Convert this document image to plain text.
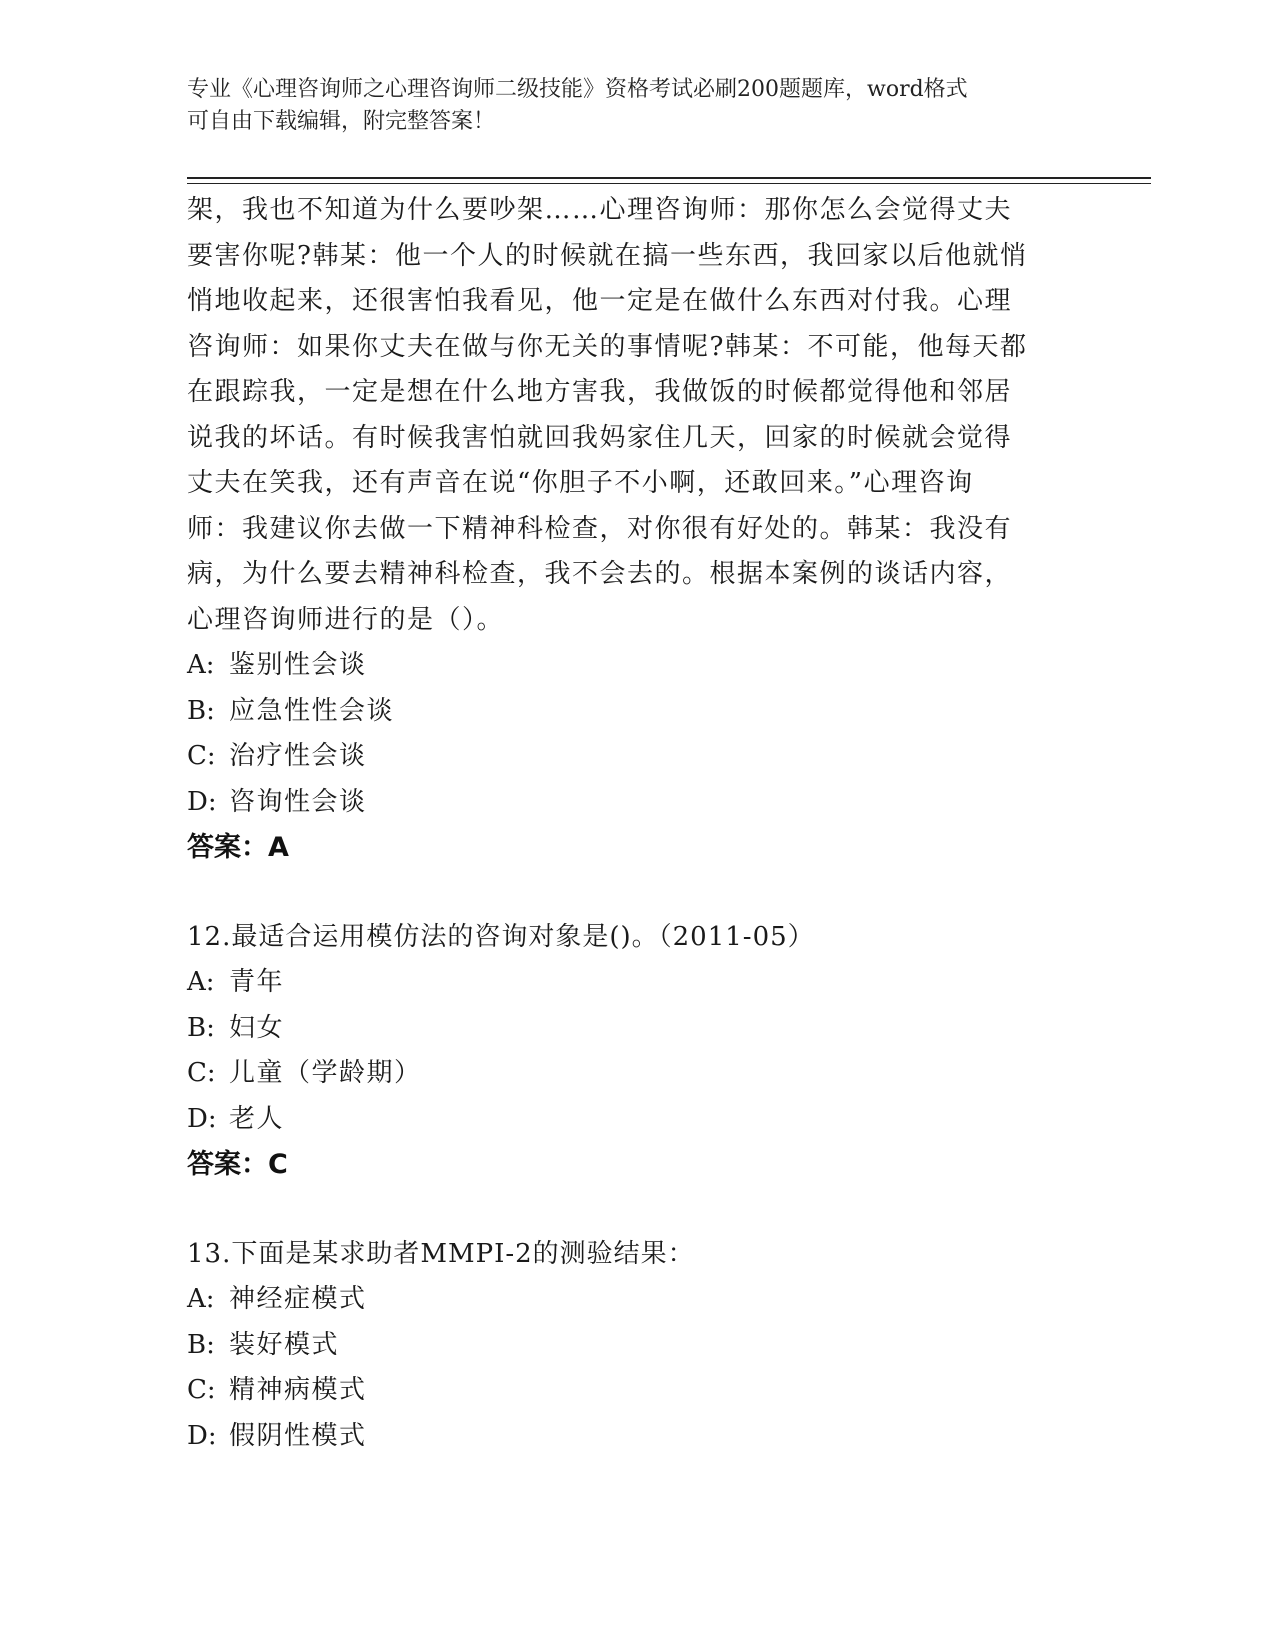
专业《心理咨询师之心理咨询师二级技能》资格考试必刷200题题库，word格式
可自由下载编辑，附完整答案！
架，我也不知道为什么要吵架……心理咨询师：那你怎么会觉得丈夫
要害你呢?韩某：他一个人的时候就在搞一些东西，我回家以后他就悄
悄地收起来，还很害怕我看见，他一定是在做什么东西对付我。心理
咨询师：如果你丈夫在做与你无关的事情呢?韩某：不可能，他每天都
在跟踪我，一定是想在什么地方害我，我做饭的时候都觉得他和邻居
说我的坏话。有时候我害怕就回我妈家住几天，回家的时候就会觉得
丈夫在笑我，还有声音在说“你胆子不小啊，还敢回来。”心理咨询
师：我建议你去做一下精神科检查，对你很有好处的。韩某：我没有
病，为什么要去精神科检查，我不会去的。根据本案例的谈话内容，
心理咨询师进行的是（）。
A: 鉴别性会谈
B: 应急性性会谈
C: 治疗性会谈
D: 咨询性会谈
答案：A
12.最适合运用模仿法的咨询对象是()。（2011-05）
A: 青年
B: 妇女
C: 儿童（学龄期）
D: 老人
答案：C
13.下面是某求助者MMPI-2的测验结果：
A: 神经症模式
B: 装好模式
C: 精神病模式
D: 假阴性模式
